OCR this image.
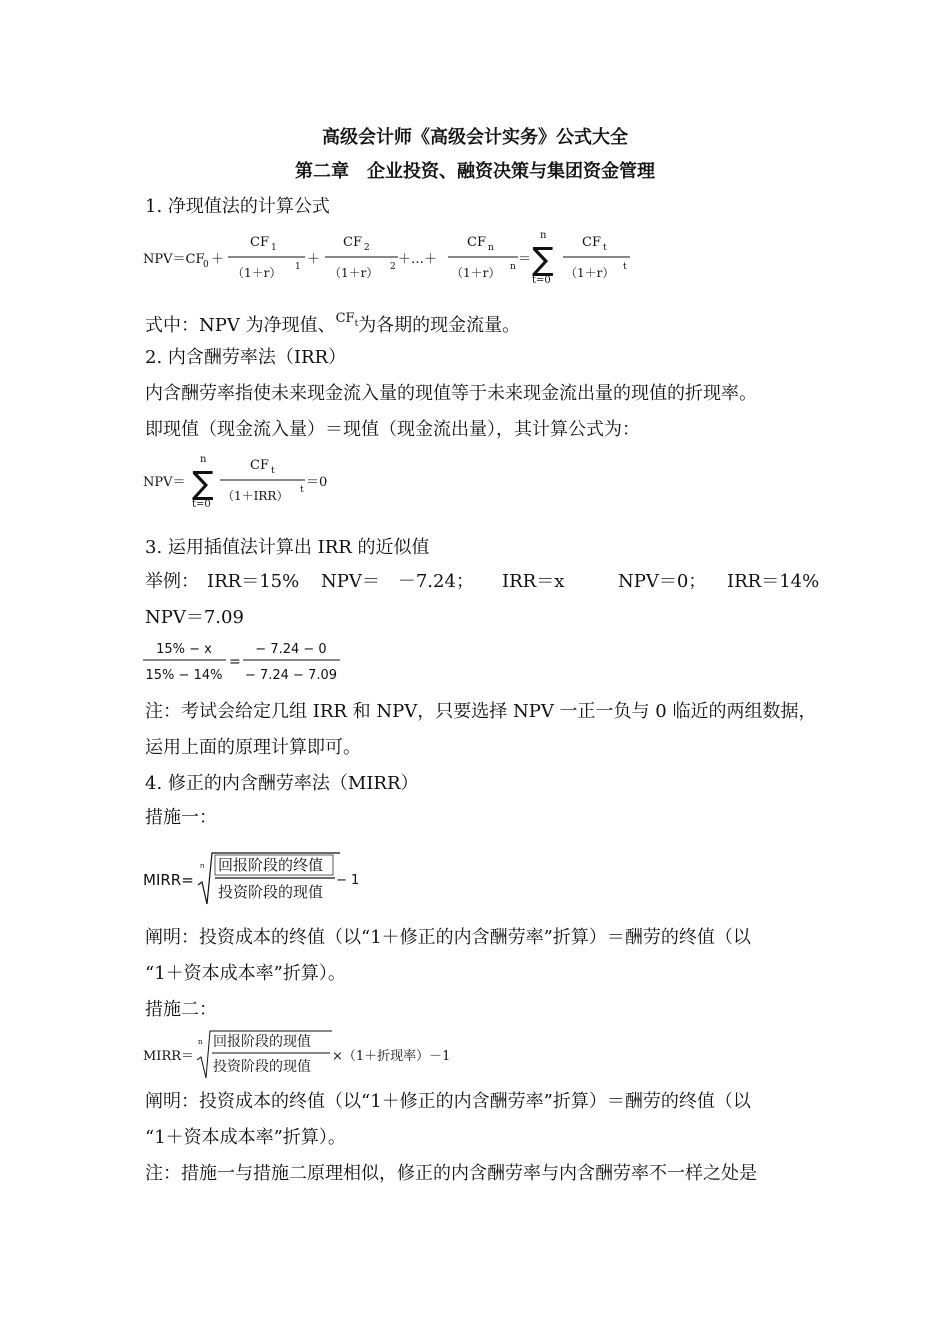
高级会计师《高级会计实务》公式大全
第二章　企业投资、融资决策与集团资金管理
1. 净现值法的计算公式
NPV＝CF
0 ＋
CF 1
（1＋r） 1 ＋
CF 2
（1＋r） 2 ＋…＋
CF n
（1＋r） n ＝
n
∑
t=0
CF t
（1＋r） t
式中：NPV 为净现值、$^{CFt}$为各期的现金流量。
2. 内含酬劳率法（IRR）
内含酬劳率指使未来现金流入量的现值等于未来现金流出量的现值的折现率。
即现值（现金流入量）＝现值（现金流出量），其计算公式为：
NPV＝
n
∑
t=0
CF t
（1＋IRR） t ＝0
3. 运用插值法计算出 IRR 的近似值
举例： IRR＝15% NPV＝　－7.24； IRR＝x	NPV＝0； IRR＝14%
NPV＝7.09
15% − x
15% − 14%
=
− 7.24 − 0
− 7.24 − 7.09
注：考试会给定几组 IRR 和 NPV，只要选择 NPV 一正一负与 0 临近的两组数据，
运用上面的原理计算即可。
4. 修正的内含酬劳率法（MIRR）
措施一：
MIRR=
n 回报阶段的终值
投资阶段的现值
− 1
阐明：投资成本的终值（以“1＋修正的内含酬劳率”折算）＝酬劳的终值（以
“1＋资本成本率”折算）。
措施二：
MIRR＝
n 回报阶段的现值
投资阶段的现值
×（1＋折现率）－1
阐明：投资成本的终值（以“1＋修正的内含酬劳率”折算）＝酬劳的终值（以
“1＋资本成本率”折算）。
注：措施一与措施二原理相似，修正的内含酬劳率与内含酬劳率不一样之处是
